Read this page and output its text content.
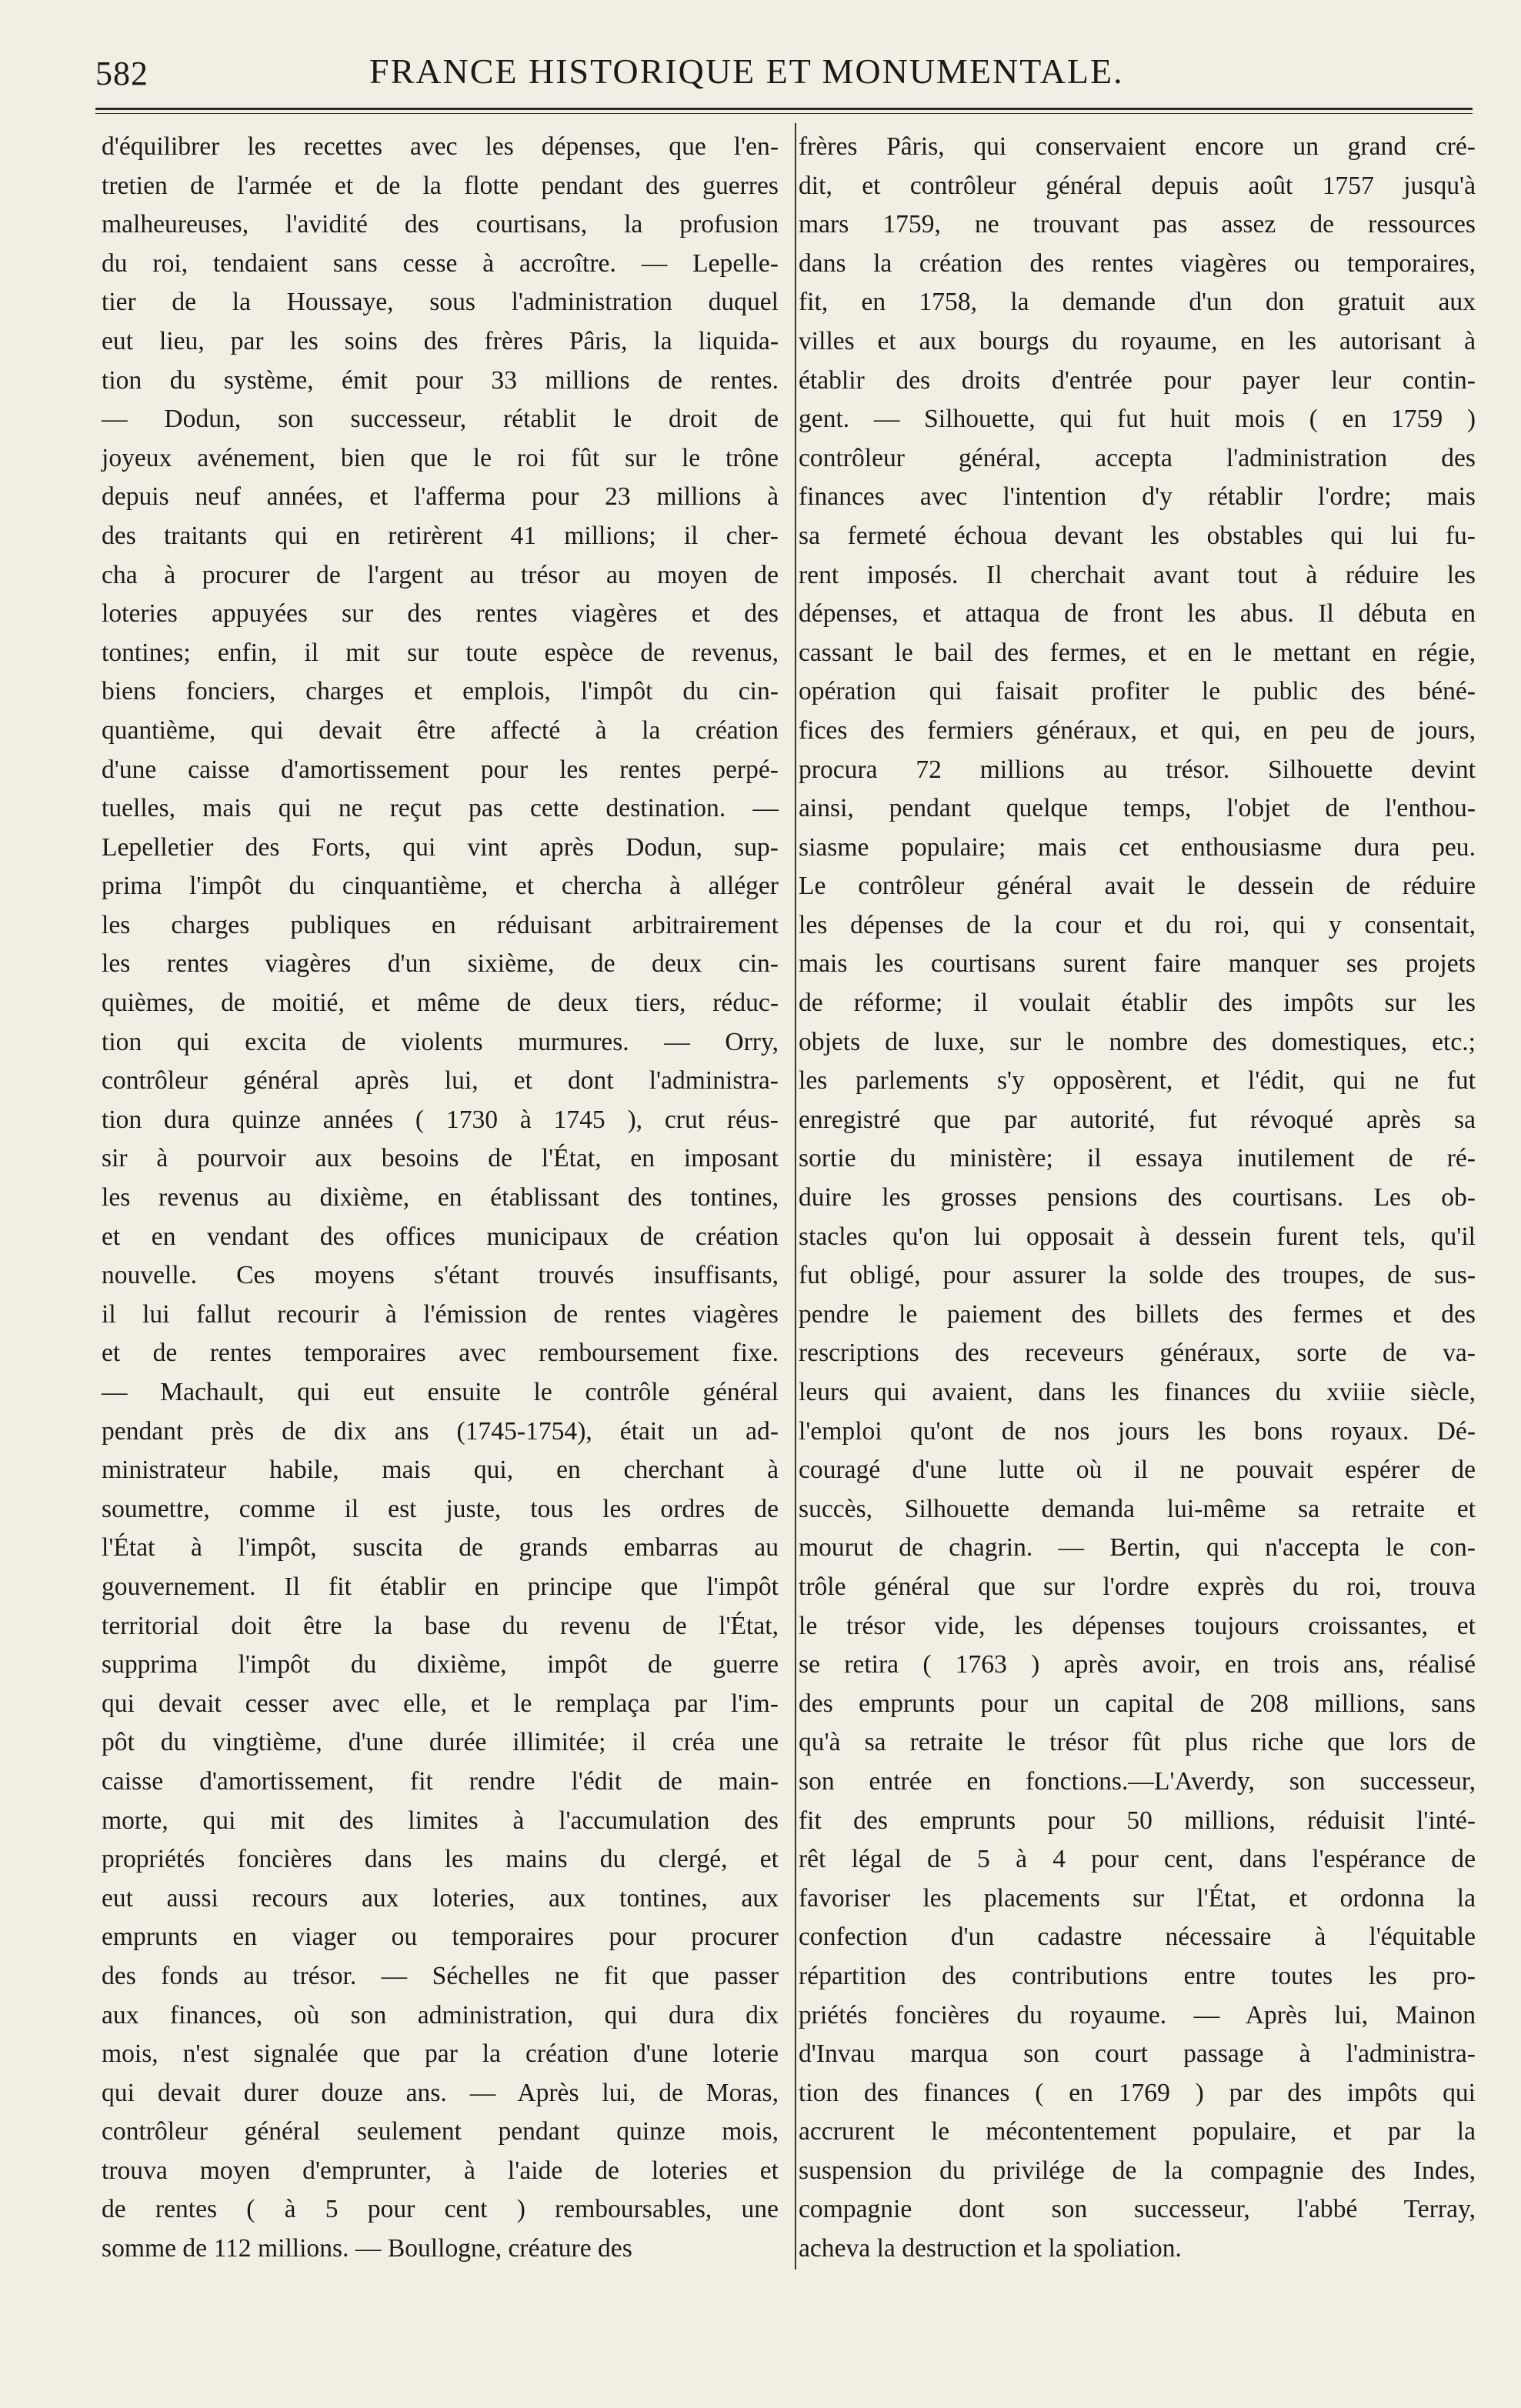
582	FRANCE HISTORIQUE ET MONUMENTALE.

d'équilibrer les recettes avec les dépenses, que l'en-

tretien de l'armée et de la flotte pendant des guerres

malheureuses, l'avidité des courtisans, la profusion

du roi, tendaient sans cesse à accroître. — Lepelle-

tier de la Houssaye, sous l'administration duquel

eut lieu, par les soins des frères Pâris, la liquida-

tion du système, émit pour 33 millions de rentes.

— Dodun, son successeur, rétablit le droit de

joyeux avénement, bien que le roi fût sur le trône

depuis neuf années, et l'afferma pour 23 millions à

des traitants qui en retirèrent 41 millions; il cher-

cha à procurer de l'argent au trésor au moyen de

loteries appuyées sur des rentes viagères et des

tontines; enfin, il mit sur toute espèce de revenus,

biens fonciers, charges et emplois, l'impôt du cin-

quantième, qui devait être affecté à la création

d'une caisse d'amortissement pour les rentes perpé-

tuelles, mais qui ne reçut pas cette destination. —

Lepelletier des Forts, qui vint après Dodun, sup-

prima l'impôt du cinquantième, et chercha à alléger

les charges publiques en réduisant arbitrairement

les rentes viagères d'un sixième, de deux cin-

quièmes, de moitié, et même de deux tiers, réduc-

tion qui excita de violents murmures. — Orry,

contrôleur général après lui, et dont l'administra-

tion dura quinze années ( 1730 à 1745 ), crut réus-

sir à pourvoir aux besoins de l'État, en imposant

les revenus au dixième, en établissant des tontines,

et en vendant des offices municipaux de création

nouvelle. Ces moyens s'étant trouvés insuffisants,

il lui fallut recourir à l'émission de rentes viagères

et de rentes temporaires avec remboursement fixe.

— Machault, qui eut ensuite le contrôle général

pendant près de dix ans (1745-1754), était un ad-

ministrateur habile, mais qui, en cherchant à

soumettre, comme il est juste, tous les ordres de

l'État à l'impôt, suscita de grands embarras au

gouvernement. Il fit établir en principe que l'impôt

territorial doit être la base du revenu de l'État,

supprima l'impôt du dixième, impôt de guerre

qui devait cesser avec elle, et le remplaça par l'im-

pôt du vingtième, d'une durée illimitée; il créa une

caisse d'amortissement, fit rendre l'édit de main-

morte, qui mit des limites à l'accumulation des

propriétés foncières dans les mains du clergé, et

eut aussi recours aux loteries, aux tontines, aux

emprunts en viager ou temporaires pour procurer

des fonds au trésor. — Séchelles ne fit que passer

aux finances, où son administration, qui dura dix

mois, n'est signalée que par la création d'une loterie

qui devait durer douze ans. — Après lui, de Moras,

contrôleur général seulement pendant quinze mois,

trouva moyen d'emprunter, à l'aide de loteries et

de rentes ( à 5 pour cent ) remboursables, une

somme de 112 millions. — Boullogne, créature des

frères Pâris, qui conservaient encore un grand cré-

dit, et contrôleur général depuis août 1757 jusqu'à

mars 1759, ne trouvant pas assez de ressources

dans la création des rentes viagères ou temporaires,

fit, en 1758, la demande d'un don gratuit aux

villes et aux bourgs du royaume, en les autorisant à

établir des droits d'entrée pour payer leur contin-

gent. — Silhouette, qui fut huit mois ( en 1759 )

contrôleur général, accepta l'administration des

finances avec l'intention d'y rétablir l'ordre; mais

sa fermeté échoua devant les obstables qui lui fu-

rent imposés. Il cherchait avant tout à réduire les

dépenses, et attaqua de front les abus. Il débuta en

cassant le bail des fermes, et en le mettant en régie,

opération qui faisait profiter le public des béné-

fices des fermiers généraux, et qui, en peu de jours,

procura 72 millions au trésor. Silhouette devint

ainsi, pendant quelque temps, l'objet de l'enthou-

siasme populaire; mais cet enthousiasme dura peu.

Le contrôleur général avait le dessein de réduire

les dépenses de la cour et du roi, qui y consentait,

mais les courtisans surent faire manquer ses projets

de réforme; il voulait établir des impôts sur les

objets de luxe, sur le nombre des domestiques, etc.;

les parlements s'y opposèrent, et l'édit, qui ne fut

enregistré que par autorité, fut révoqué après sa

sortie du ministère; il essaya inutilement de ré-

duire les grosses pensions des courtisans. Les ob-

stacles qu'on lui opposait à dessein furent tels, qu'il

fut obligé, pour assurer la solde des troupes, de sus-

pendre le paiement des billets des fermes et des

rescriptions des receveurs généraux, sorte de va-

leurs qui avaient, dans les finances du xviiie siècle,

l'emploi qu'ont de nos jours les bons royaux. Dé-

couragé d'une lutte où il ne pouvait espérer de

succès, Silhouette demanda lui-même sa retraite et

mourut de chagrin. — Bertin, qui n'accepta le con-

trôle général que sur l'ordre exprès du roi, trouva

le trésor vide, les dépenses toujours croissantes, et

se retira ( 1763 ) après avoir, en trois ans, réalisé

des emprunts pour un capital de 208 millions, sans

qu'à sa retraite le trésor fût plus riche que lors de

son entrée en fonctions.—L'Averdy, son successeur,

fit des emprunts pour 50 millions, réduisit l'inté-

rêt légal de 5 à 4 pour cent, dans l'espérance de

favoriser les placements sur l'État, et ordonna la

confection d'un cadastre nécessaire à l'équitable

répartition des contributions entre toutes les pro-

priétés foncières du royaume. — Après lui, Mainon

d'Invau marqua son court passage à l'administra-

tion des finances ( en 1769 ) par des impôts qui

accrurent le mécontentement populaire, et par la

suspension du privilége de la compagnie des Indes,

compagnie dont son successeur, l'abbé Terray,

acheva la destruction et la spoliation.
